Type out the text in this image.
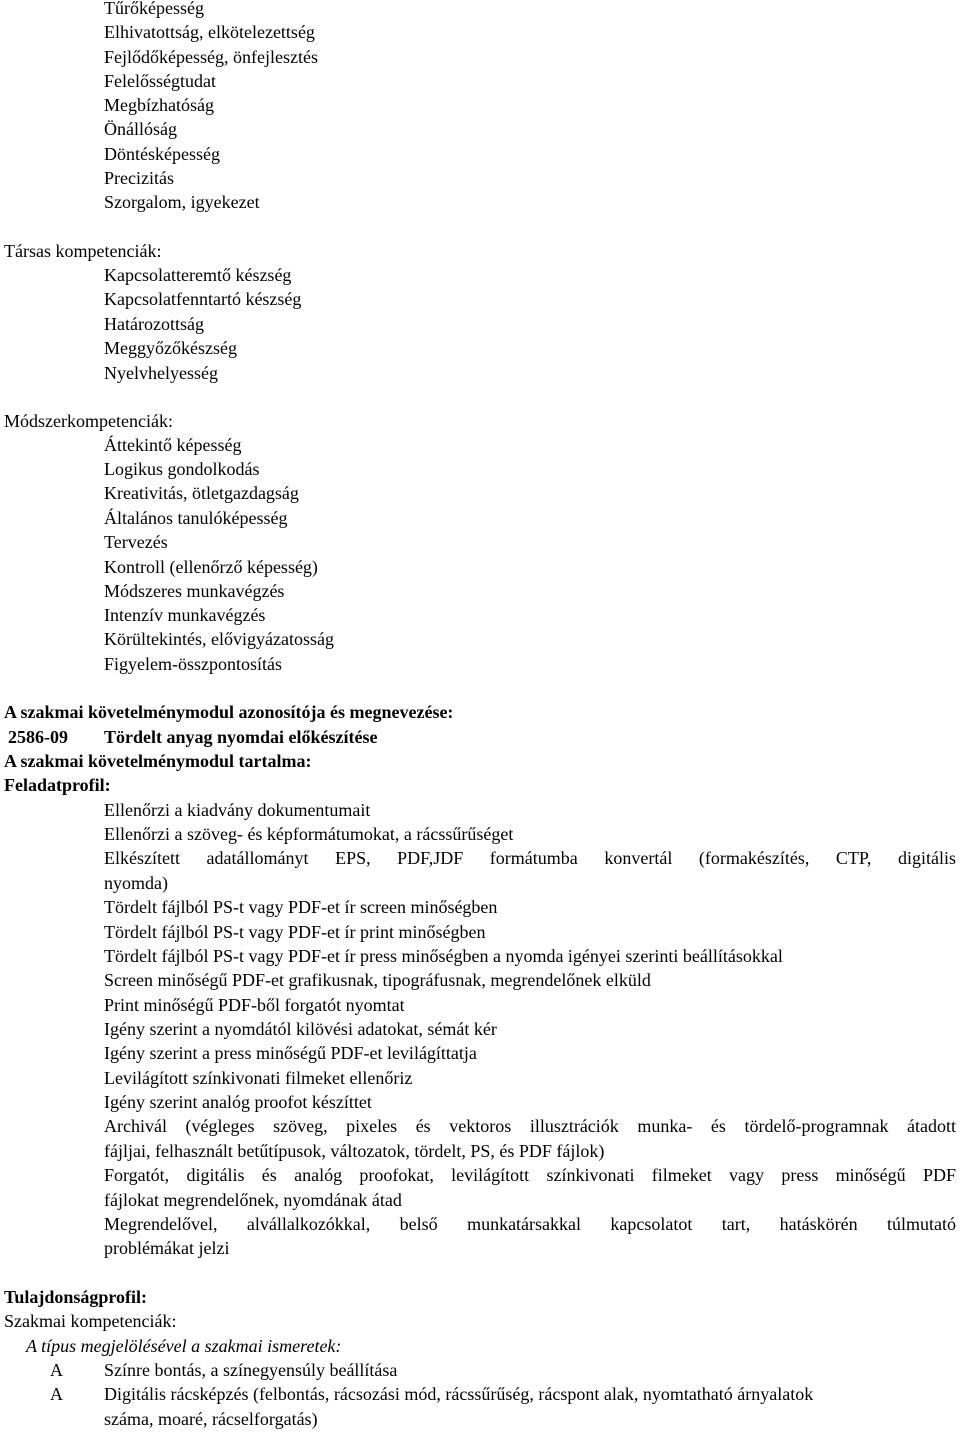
Tűrőképesség
Elhivatottság, elkötelezettség
Fejlődőképesség, önfejlesztés
Felelősségtudat
Megbízhatóság
Önállóság
Döntésképesség
Precizitás
Szorgalom, igyekezet
Társas kompetenciák:
Kapcsolatteremtő készség
Kapcsolatfenntartó készség
Határozottság
Meggyőzőkészség
Nyelvhelyesség
Módszerkompetenciák:
Áttekintő képesség
Logikus gondolkodás
Kreativitás, ötletgazdagság
Általános tanulóképesség
Tervezés
Kontroll (ellenőrző képesség)
Módszeres munkavégzés
Intenzív munkavégzés
Körültekintés, elővigyázatosság
Figyelem-összpontosítás
A szakmai követelménymodul azonosítója és megnevezése:
2586-09 Tördelt anyag nyomdai előkészítése
A szakmai követelménymodul tartalma:
Feladatprofil:
Ellenőrzi a kiadvány dokumentumait
Ellenőrzi a szöveg- és képformátumokat, a rácssűrűséget
Elkészített adatállományt EPS, PDF,JDF formátumba konvertál (formakészítés, CTP, digitális
nyomda)
Tördelt fájlból PS-t vagy PDF-et ír screen minőségben
Tördelt fájlból PS-t vagy PDF-et ír print minőségben
Tördelt fájlból PS-t vagy PDF-et ír press minőségben a nyomda igényei szerinti beállításokkal
Screen minőségű PDF-et grafikusnak, tipográfusnak, megrendelőnek elküld
Print minőségű PDF-ből forgatót nyomtat
Igény szerint a nyomdától kilövési adatokat, sémát kér
Igény szerint a press minőségű PDF-et levilágíttatja
Levilágított színkivonati filmeket ellenőriz
Igény szerint analóg proofot készíttet
Archivál (végleges szöveg, pixeles és vektoros illusztrációk munka- és tördelő-programnak átadott
fájljai, felhasznált betűtípusok, változatok, tördelt, PS, és PDF fájlok)
Forgatót, digitális és analóg proofokat, levilágított színkivonati filmeket vagy press minőségű PDF
fájlokat megrendelőnek, nyomdának átad
Megrendelővel, alvállalkozókkal, belső munkatársakkal kapcsolatot tart, hatáskörén túlmutató
problémákat jelzi
Tulajdonságprofil:
Szakmai kompetenciák:
A típus megjelölésével a szakmai ismeretek:
A Színre bontás, a színegyensúly beállítása
A Digitális rácsképzés (felbontás, rácsozási mód, rácssűrűség, rácspont alak, nyomtatható árnyalatok
száma, moaré, rácselforgatás)
